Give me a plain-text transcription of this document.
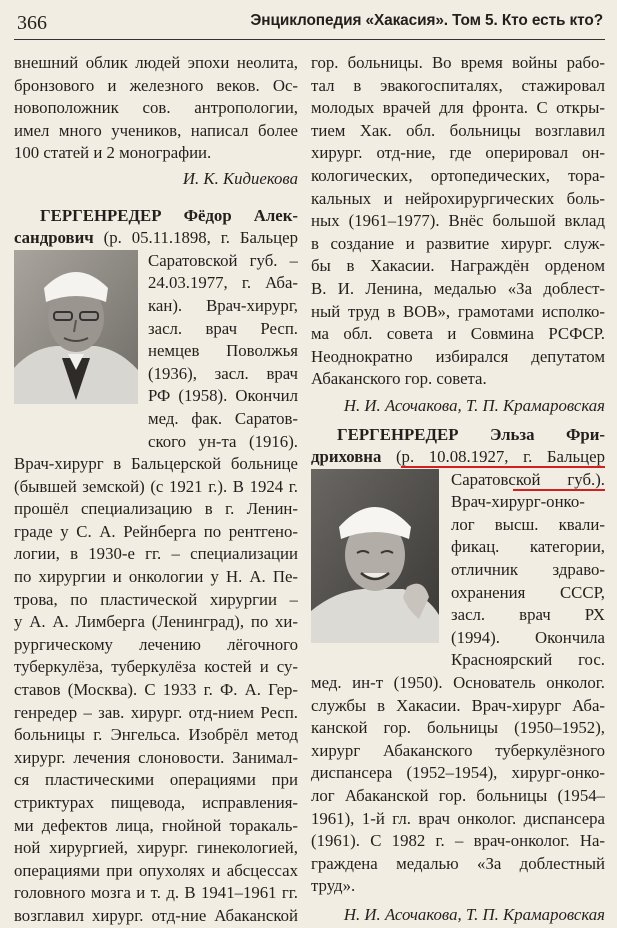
366	Энциклопедия «Хакасия». Том 5. Кто есть кто?
внешний облик людей эпохи неолита,
бронзового и железного веков. Ос-
новоположник сов. антропологии,
имел много учеников, написал более
100 статей и 2 монографии.
И. К. Кидиекова
ГЕРГЕНРЕДЕР Фёдор Алек-
сандрович (р. 05.11.1898, г. Бальцер
Саратовской губ. –
24.03.1977, г. Аба-
кан). Врач-хирург,
засл. врач Респ.
немцев Поволжья
(1936), засл. врач
РФ (1958). Окончил
мед. фак. Саратов-
ского ун-та (1916).
Врач-хирург в Бальцерской больнице
(бывшей земской) (с 1921 г.). В 1924 г.
прошёл специализацию в г. Ленин-
граде у С. А. Рейнберга по рентгено-
логии, в 1930-е гг. – специализации
по хирургии и онкологии у Н. А. Пе-
трова, по пластической хирургии –
у А. А. Лимберга (Ленинград), по хи-
рургическому лечению лёгочного
туберкулёза, туберкулёза костей и су-
ставов (Москва). С 1933 г. Ф. А. Гер-
генредер – зав. хирург. отд-нием Респ.
больницы г. Энгельса. Изобрёл метод
хирург. лечения слоновости. Занимал-
ся пластическими операциями при
стриктурах пищевода, исправления-
ми дефектов лица, гнойной торакаль-
ной хирургией, хирург. гинекологией,
операциями при опухолях и абсцессах
головного мозга и т. д. В 1941–1961 гг.
возглавил хирург. отд-ние Абаканской
гор. больницы. Во время войны рабо-
тал в эвакогоспиталях, стажировал
молодых врачей для фронта. С откры-
тием Хак. обл. больницы возглавил
хирург. отд-ние, где оперировал он-
кологических, ортопедических, тора-
кальных и нейрохирургических боль-
ных (1961–1977). Внёс большой вклад
в создание и развитие хирург. служ-
бы в Хакасии. Награждён орденом
В. И. Ленина, медалью «За доблест-
ный труд в ВОВ», грамотами исполко-
ма обл. совета и Совмина РСФСР.
Неоднократно избирался депутатом
Абаканского гор. совета.
Н. И. Асочакова, Т. П. Крамаровская
ГЕРГЕНРЕДЕР Эльза Фри-
дриховна (р. 10.08.1927, г. Бальцер
Саратовской губ.).
Врач-хирург-онко-
лог высш. квали-
фикац. категории,
отличник здраво-
охранения СССР,
засл. врач РХ
(1994). Окончила
Красноярский гос.
мед. ин-т (1950). Основатель онколог.
службы в Хакасии. Врач-хирург Аба-
канской гор. больницы (1950–1952),
хирург Абаканского туберкулёзного
диспансера (1952–1954), хирург-онко-
лог Абаканской гор. больницы (1954–
1961), 1-й гл. врач онколог. диспансера
(1961). С 1982 г. – врач-онколог. На-
граждена медалью «За доблестный
труд».
Н. И. Асочакова, Т. П. Крамаровская
